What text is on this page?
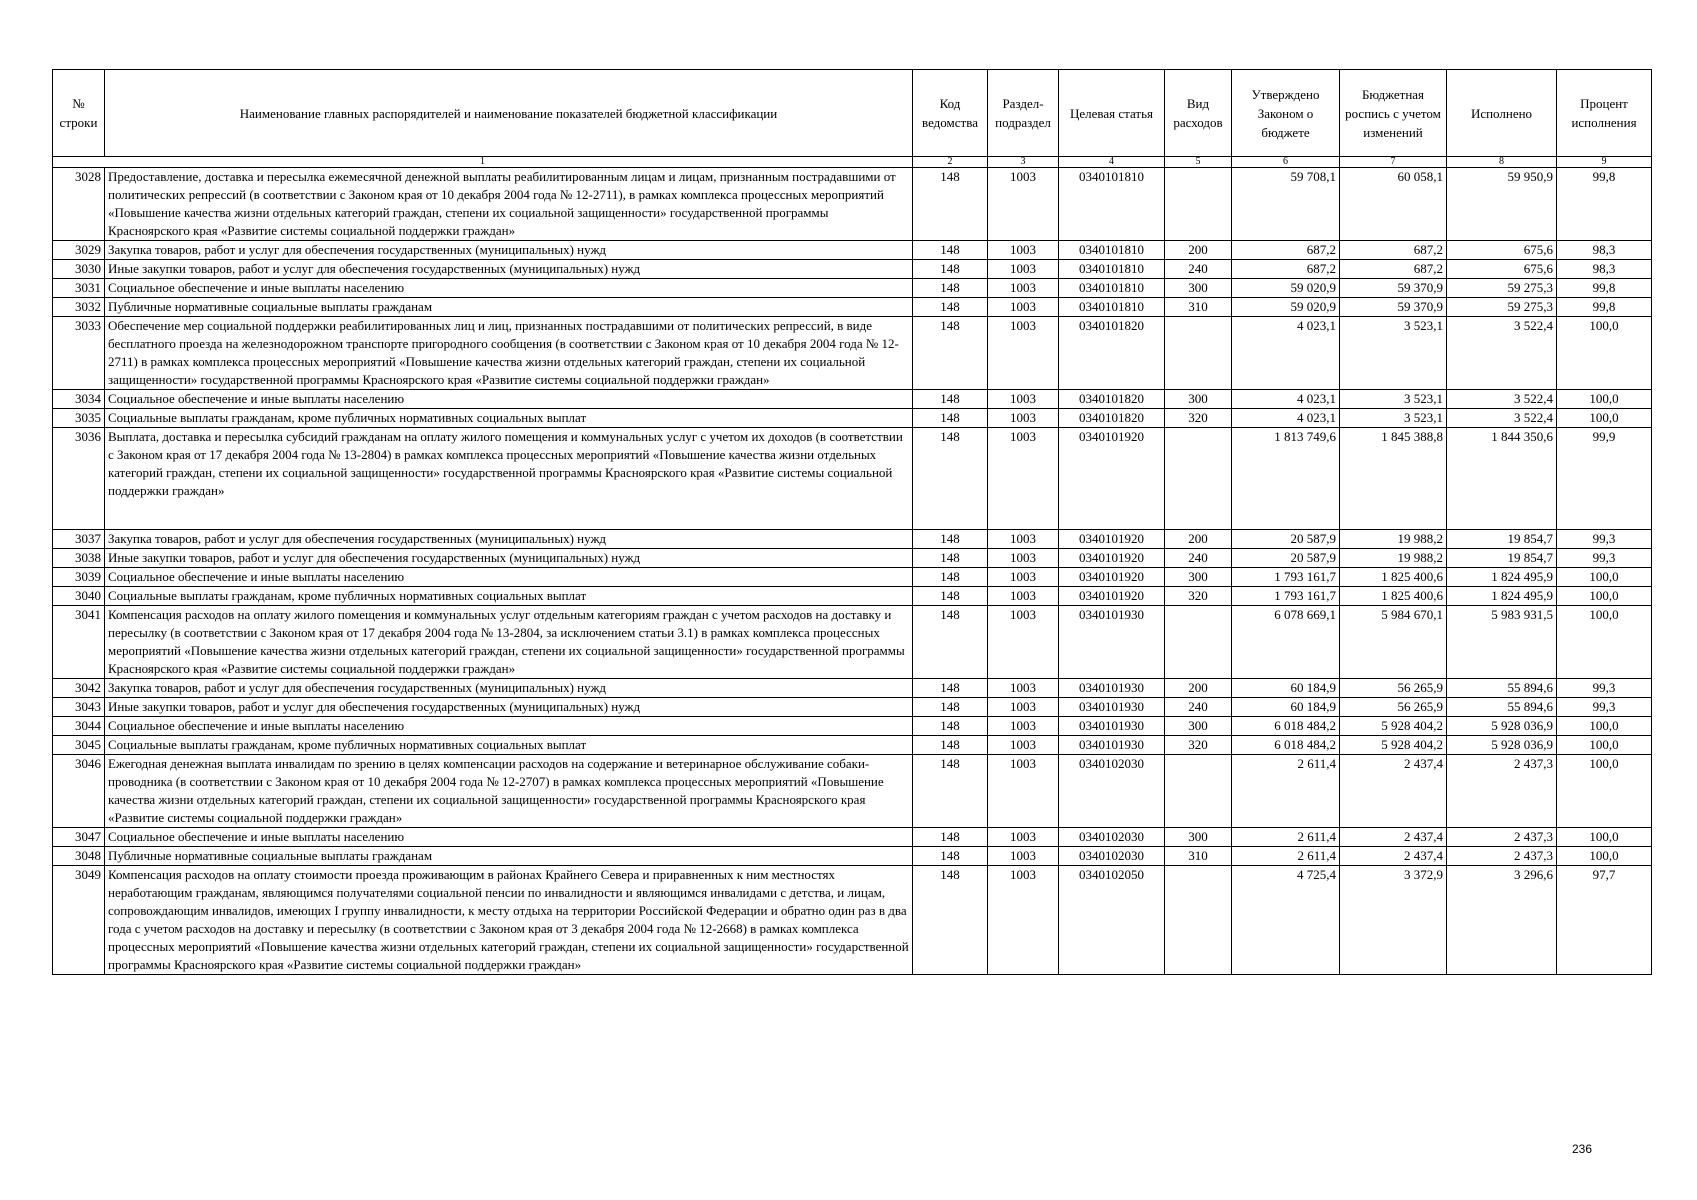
№ строки	Наименование главных распорядителей и наименование показателей бюджетной классификации	Код ведомства	Раздел-подраздел	Целевая статья	Вид расходов	Утверждено Законом о бюджете	Бюджетная роспись с учетом изменений	Исполнено	Процент исполнения
1		2	3	4	5	6	7	8	9
3028	Предоставление, доставка и пересылка ежемесячной денежной выплаты реабилитированным лицам и лицам, признанным пострадавшими от политических репрессий (в соответствии с Законом края от 10 декабря 2004 года № 12-2711), в рамках комплекса процессных мероприятий «Повышение качества жизни отдельных категорий граждан, степени их социальной защищенности» государственной программы Красноярского края «Развитие системы социальной поддержки граждан»	148	1003	0340101810		59 708,1	60 058,1	59 950,9	99,8
3029	Закупка товаров, работ и услуг для обеспечения государственных (муниципальных) нужд	148	1003	0340101810	200	687,2	687,2	675,6	98,3
3030	Иные закупки товаров, работ и услуг для обеспечения государственных (муниципальных) нужд	148	1003	0340101810	240	687,2	687,2	675,6	98,3
3031	Социальное обеспечение и иные выплаты населению	148	1003	0340101810	300	59 020,9	59 370,9	59 275,3	99,8
3032	Публичные нормативные социальные выплаты гражданам	148	1003	0340101810	310	59 020,9	59 370,9	59 275,3	99,8
3033	Обеспечение мер социальной поддержки реабилитированных лиц и лиц, признанных пострадавшими от политических репрессий, в виде бесплатного проезда на железнодорожном транспорте пригородного сообщения (в соответствии с Законом края от 10 декабря 2004 года № 12-2711) в рамках комплекса процессных мероприятий «Повышение качества жизни отдельных категорий граждан, степени их социальной защищенности» государственной программы Красноярского края «Развитие системы социальной поддержки граждан»	148	1003	0340101820		4 023,1	3 523,1	3 522,4	100,0
3034	Социальное обеспечение и иные выплаты населению	148	1003	0340101820	300	4 023,1	3 523,1	3 522,4	100,0
3035	Социальные выплаты гражданам, кроме публичных нормативных социальных выплат	148	1003	0340101820	320	4 023,1	3 523,1	3 522,4	100,0
3036	Выплата, доставка и пересылка субсидий гражданам на оплату жилого помещения и коммунальных услуг с учетом их доходов (в соответствии с Законом края от 17 декабря 2004 года № 13-2804) в рамках комплекса процессных мероприятий «Повышение качества жизни отдельных категорий граждан, степени их социальной защищенности» государственной программы Красноярского края «Развитие системы социальной поддержки граждан»	148	1003	0340101920		1 813 749,6	1 845 388,8	1 844 350,6	99,9
3037	Закупка товаров, работ и услуг для обеспечения государственных (муниципальных) нужд	148	1003	0340101920	200	20 587,9	19 988,2	19 854,7	99,3
3038	Иные закупки товаров, работ и услуг для обеспечения государственных (муниципальных) нужд	148	1003	0340101920	240	20 587,9	19 988,2	19 854,7	99,3
3039	Социальное обеспечение и иные выплаты населению	148	1003	0340101920	300	1 793 161,7	1 825 400,6	1 824 495,9	100,0
3040	Социальные выплаты гражданам, кроме публичных нормативных социальных выплат	148	1003	0340101920	320	1 793 161,7	1 825 400,6	1 824 495,9	100,0
3041	Компенсация расходов на оплату жилого помещения и коммунальных услуг отдельным категориям граждан с учетом расходов на доставку и пересылку (в соответствии с Законом края от 17 декабря 2004 года № 13-2804, за исключением статьи 3.1) в рамках комплекса процессных мероприятий «Повышение качества жизни отдельных категорий граждан, степени их социальной защищенности» государственной программы Красноярского края «Развитие системы социальной поддержки граждан»	148	1003	0340101930		6 078 669,1	5 984 670,1	5 983 931,5	100,0
3042	Закупка товаров, работ и услуг для обеспечения государственных (муниципальных) нужд	148	1003	0340101930	200	60 184,9	56 265,9	55 894,6	99,3
3043	Иные закупки товаров, работ и услуг для обеспечения государственных (муниципальных) нужд	148	1003	0340101930	240	60 184,9	56 265,9	55 894,6	99,3
3044	Социальное обеспечение и иные выплаты населению	148	1003	0340101930	300	6 018 484,2	5 928 404,2	5 928 036,9	100,0
3045	Социальные выплаты гражданам, кроме публичных нормативных социальных выплат	148	1003	0340101930	320	6 018 484,2	5 928 404,2	5 928 036,9	100,0
3046	Ежегодная денежная выплата инвалидам по зрению в целях компенсации расходов на содержание и ветеринарное обслуживание собаки-проводника (в соответствии с Законом края от 10 декабря 2004 года № 12-2707) в рамках комплекса процессных мероприятий «Повышение качества жизни отдельных категорий граждан, степени их социальной защищенности» государственной программы Красноярского края «Развитие системы социальной поддержки граждан»	148	1003	0340102030		2 611,4	2 437,4	2 437,3	100,0
3047	Социальное обеспечение и иные выплаты населению	148	1003	0340102030	300	2 611,4	2 437,4	2 437,3	100,0
3048	Публичные нормативные социальные выплаты гражданам	148	1003	0340102030	310	2 611,4	2 437,4	2 437,3	100,0
3049	Компенсация расходов на оплату стоимости проезда проживающим в районах Крайнего Севера и приравненных к ним местностях неработающим гражданам, являющимся получателями социальной пенсии по инвалидности и являющимся инвалидами с детства, и лицам, сопровождающим инвалидов, имеющих I группу инвалидности, к месту отдыха на территории Российской Федерации и обратно один раз в два года с учетом расходов на доставку и пересылку (в соответствии с Законом края от 3 декабря 2004 года № 12-2668) в рамках комплекса процессных мероприятий «Повышение качества жизни отдельных категорий граждан, степени их социальной защищенности» государственной программы Красноярского края «Развитие системы социальной поддержки граждан»	148	1003	0340102050		4 725,4	3 372,9	3 296,6	97,7
236
